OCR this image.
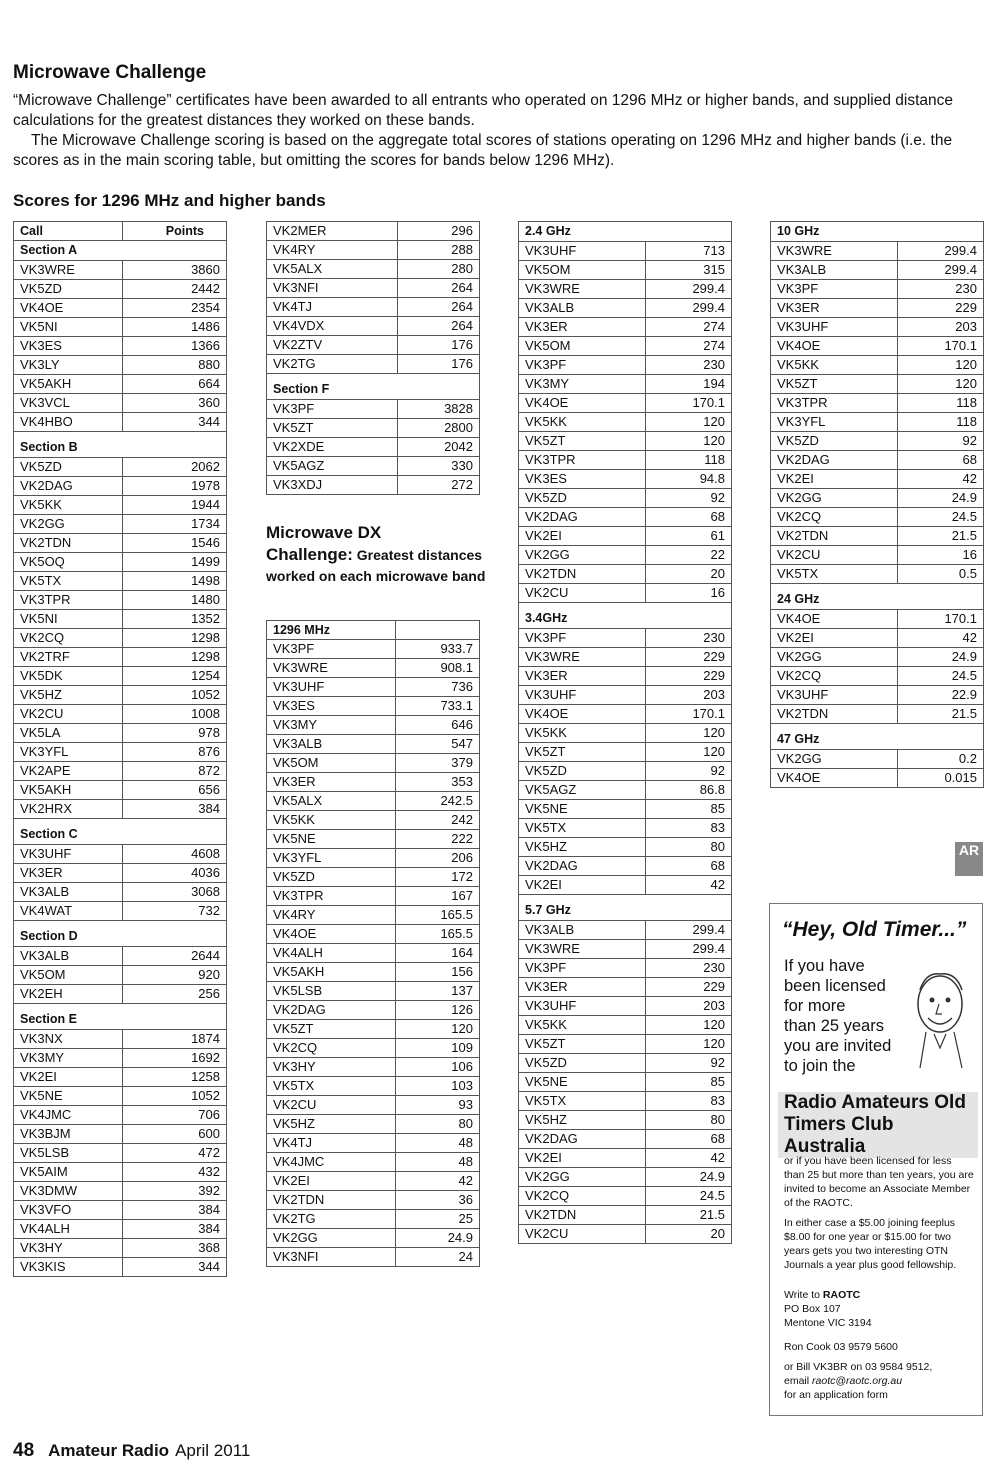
Microwave Challenge

“Microwave Challenge” certificates have been awarded to all entrants who operated on 1296 MHz or higher bands, and supplied distance calculations for the greatest distances they worked on these bands.

The Microwave Challenge scoring is based on the aggregate total scores of stations operating on 1296 MHz and higher bands (i.e. the scores as in the main scoring table, but omitting the scores for bands below 1296 MHz).

Scores for 1296 MHz and higher bands
Call	Points
Section A	
VK3WRE	3860
VK5ZD	2442
VK4OE	2354
VK5NI	1486
VK3ES	1366
VK3LY	880
VK5AKH	664
VK3VCL	360
VK4HBO	344
Section B	
VK5ZD	2062
VK2DAG	1978
VK5KK	1944
VK2GG	1734
VK2TDN	1546
VK5OQ	1499
VK5TX	1498
VK3TPR	1480
VK5NI	1352
VK2CQ	1298
VK2TRF	1298
VK5DK	1254
VK5HZ	1052
VK2CU	1008
VK5LA	978
VK3YFL	876
VK2APE	872
VK5AKH	656
VK2HRX	384
Section C	
VK3UHF	4608
VK3ER	4036
VK3ALB	3068
VK4WAT	732
Section D	
VK3ALB	2644
VK5OM	920
VK2EH	256
Section E	
VK3NX	1874
VK3MY	1692
VK2EI	1258
VK5NE	1052
VK4JMC	706
VK3BJM	600
VK5LSB	472
VK5AIM	432
VK3DMW	392
VK3VFO	384
VK4ALH	384
VK3HY	368
VK3KIS	344
VK2MER	296
VK4RY	288
VK5ALX	280
VK3NFI	264
VK4TJ	264
VK4VDX	264
VK2ZTV	176
VK2TG	176
Section F	
VK3PF	3828
VK5ZT	2800
VK2XDE	2042
VK5AGZ	330
VK3XDJ	272
Microwave DX
Challenge: Greatest distances worked on each microwave band
1296 MHz	
VK3PF	933.7
VK3WRE	908.1
VK3UHF	736
VK3ES	733.1
VK3MY	646
VK3ALB	547
VK5OM	379
VK3ER	353
VK5ALX	242.5
VK5KK	242
VK5NE	222
VK3YFL	206
VK5ZD	172
VK3TPR	167
VK4RY	165.5
VK4OE	165.5
VK4ALH	164
VK5AKH	156
VK5LSB	137
VK2DAG	126
VK5ZT	120
VK2CQ	109
VK3HY	106
VK5TX	103
VK2CU	93
VK5HZ	80
VK4TJ	48
VK4JMC	48
VK2EI	42
VK2TDN	36
VK2TG	25
VK2GG	24.9
VK3NFI	24
2.4 GHz	
VK3UHF	713
VK5OM	315
VK3WRE	299.4
VK3ALB	299.4
VK3ER	274
VK5OM	274
VK3PF	230
VK3MY	194
VK4OE	170.1
VK5KK	120
VK5ZT	120
VK3TPR	118
VK3ES	94.8
VK5ZD	92
VK2DAG	68
VK2EI	61
VK2GG	22
VK2TDN	20
VK2CU	16
3.4GHz	
VK3PF	230
VK3WRE	229
VK3ER	229
VK3UHF	203
VK4OE	170.1
VK5KK	120
VK5ZT	120
VK5ZD	92
VK5AGZ	86.8
VK5NE	85
VK5TX	83
VK5HZ	80
VK2DAG	68
VK2EI	42
5.7 GHz	
VK3ALB	299.4
VK3WRE	299.4
VK3PF	230
VK3ER	229
VK3UHF	203
VK5KK	120
VK5ZT	120
VK5ZD	92
VK5NE	85
VK5TX	83
VK5HZ	80
VK2DAG	68
VK2EI	42
VK2GG	24.9
VK2CQ	24.5
VK2TDN	21.5
VK2CU	20
10 GHz	
VK3WRE	299.4
VK3ALB	299.4
VK3PF	230
VK3ER	229
VK3UHF	203
VK4OE	170.1
VK5KK	120
VK5ZT	120
VK3TPR	118
VK3YFL	118
VK5ZD	92
VK2DAG	68
VK2EI	42
VK2GG	24.9
VK2CQ	24.5
VK2TDN	21.5
VK2CU	16
VK5TX	0.5
24 GHz	
VK4OE	170.1
VK2EI	42
VK2GG	24.9
VK2CQ	24.5
VK3UHF	22.9
VK2TDN	21.5
47 GHz	
VK2GG	0.2
VK4OE	0.015
AR
“Hey, Old Timer...”

If you have

been licensed

for more

than 25 years

you are invited

to join the

Radio Amateurs Old Timers Club Australia

or if you have been licensed for less than 25 but more than ten years, you are invited to become an Associate Member of the RAOTC.

In either case a $5.00 joining feeplus $8.00 for one year or $15.00 for two years gets you two interesting OTN Journals a year plus good fellowship.

Write to RAOTC
PO Box 107
Mentone VIC 3194

Ron Cook 03 9579 5600

or Bill VK3BR on 03 9584 9512,
email raotc@raotc.org.au
for an application form

48 Amateur Radio April 2011
